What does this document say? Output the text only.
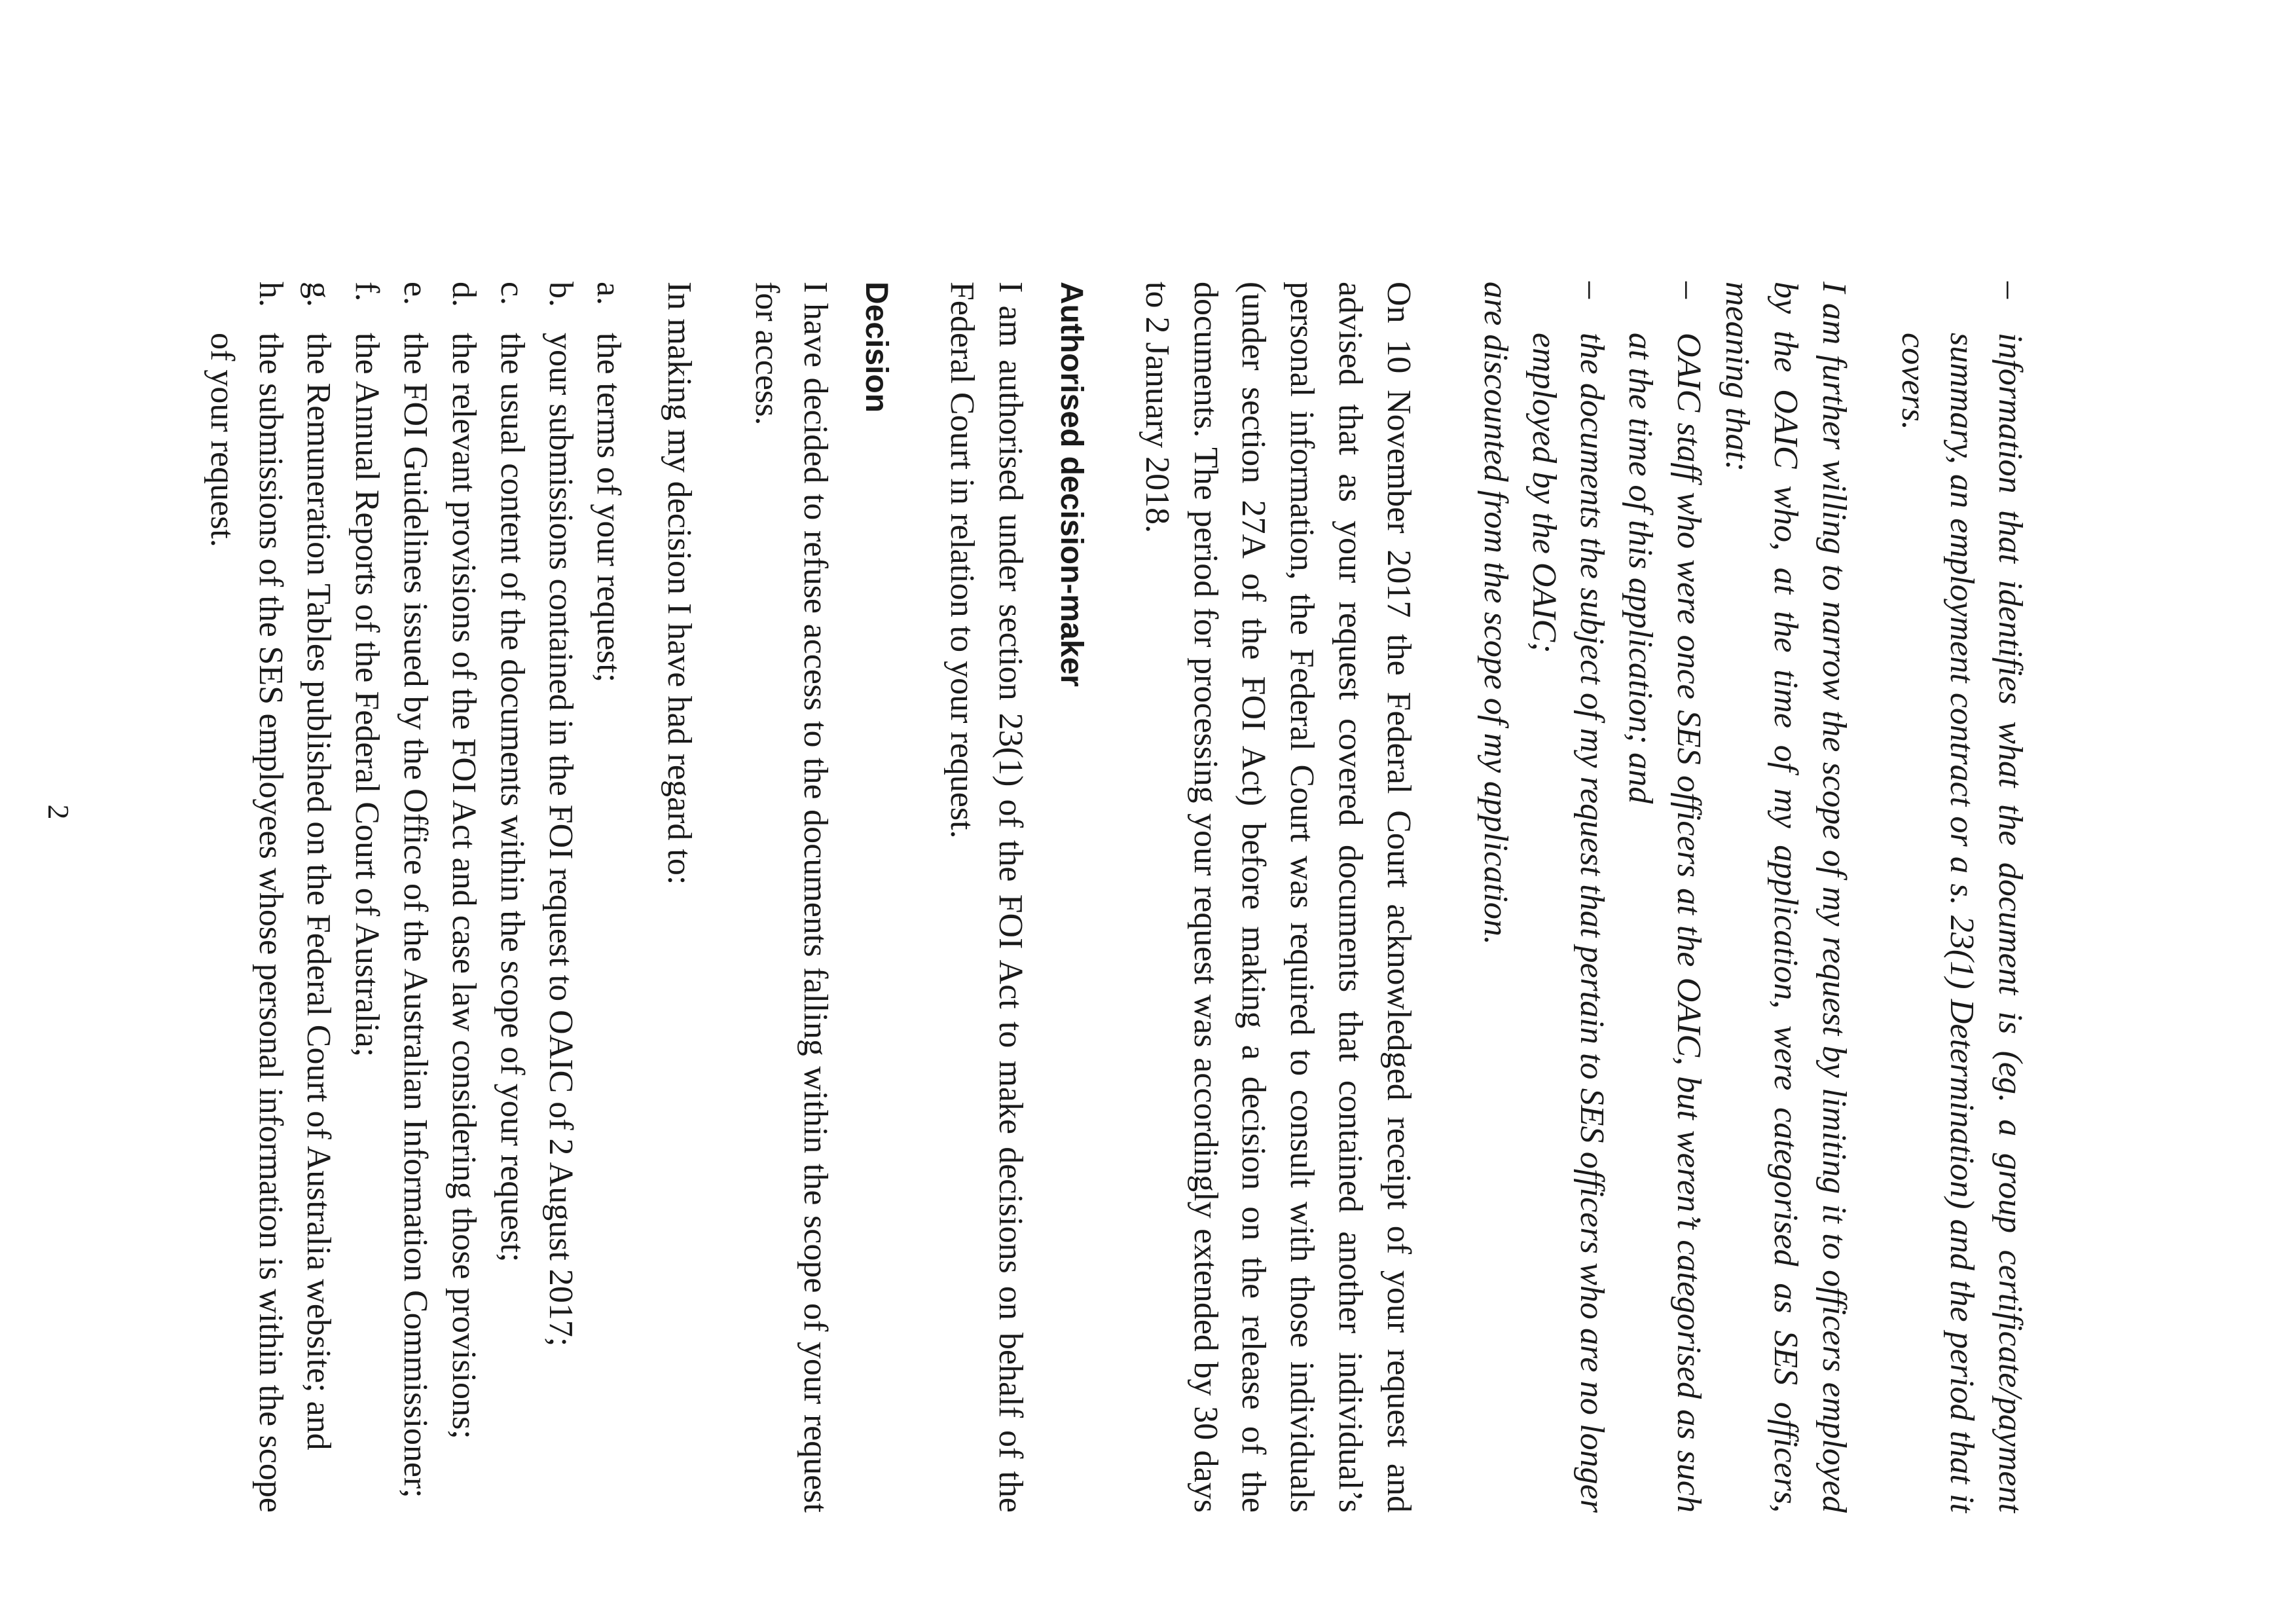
–
information that identifies what the document is (eg. a group certificate/payment summary, an employment contract or a s. 23(1) Determination) and the period that it covers.

I am further willing to narrow the scope of my request by limiting it to officers employed by the OAIC who, at the time of my application, were categorised as SES officers, meaning that:

–
OAIC staff who were once SES officers at the OAIC, but weren’t categorised as such at the time of this application; and
–
the documents the subject of my request that pertain to SES officers who are no longer employed by the OAIC;

are discounted from the scope of my application.

On 10 November 2017 the Federal Court acknowledged receipt of your request and advised that as your request covered documents that contained another individual’s personal information, the Federal Court was required to consult with those individuals (under section 27A of the FOI Act) before making a decision on the release of the documents. The period for processing your request was accordingly extended by 30 days to 2 January 2018.

Authorised decision-maker

I am authorised under section 23(1) of the FOI Act to make decisions on behalf of the Federal Court in relation to your request.

Decision

I have decided to refuse access to the documents falling within the scope of your request for access.

In making my decision I have had regard to:

a.
the terms of your request;
b.
your submissions contained in the FOI request to OAIC of 2 August 2017;
c.
the usual content of the documents within the scope of your request;
d.
the relevant provisions of the FOI Act and case law considering those provisions;
e.
the FOI Guidelines issued by the Office of the Australian Information Commissioner;
f.
the Annual Reports of the Federal Court of Australia;
g.
the Remuneration Tables published on the Federal Court of Australia website; and
h.
the submissions of the SES employees whose personal information is within the scope of your request.
2
